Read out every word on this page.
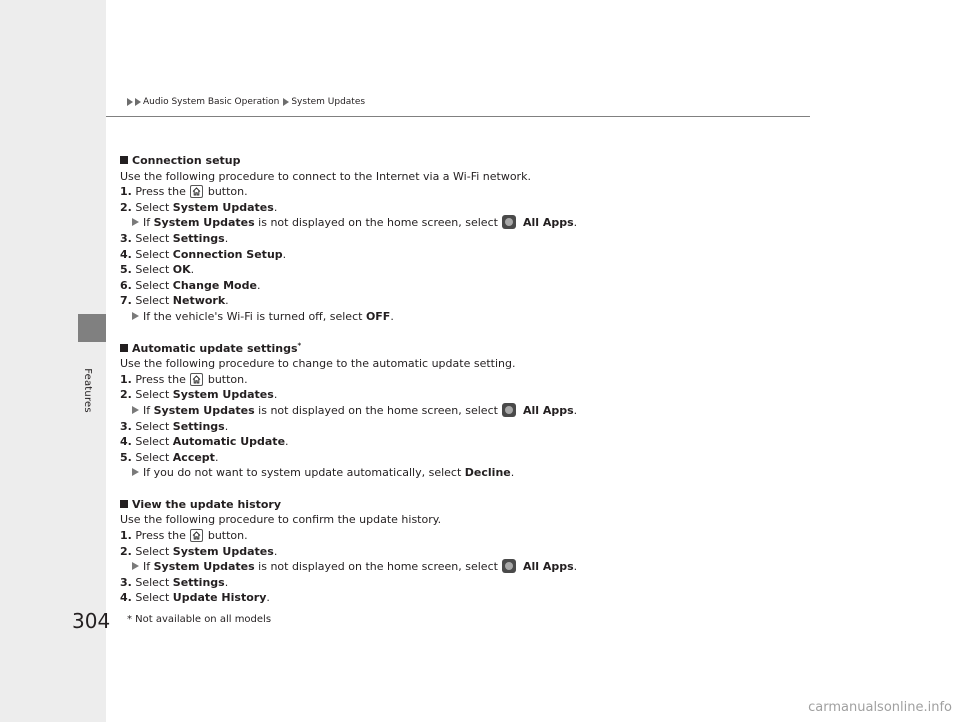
Features
Audio System Basic Operation System Updates
Connection setup
Use the following procedure to connect to the Internet via a Wi-Fi network.
1. Press the button.
2. Select System Updates.
If System Updates is not displayed on the home screen, select All Apps.
3. Select Settings.
4. Select Connection Setup.
5. Select OK.
6. Select Change Mode.
7. Select Network.
If the vehicle's Wi-Fi is turned off, select OFF.
Automatic update settings*
Use the following procedure to change to the automatic update setting.
1. Press the button.
2. Select System Updates.
If System Updates is not displayed on the home screen, select All Apps.
3. Select Settings.
4. Select Automatic Update.
5. Select Accept.
If you do not want to system update automatically, select Decline.
View the update history
Use the following procedure to confirm the update history.
1. Press the button.
2. Select System Updates.
If System Updates is not displayed on the home screen, select All Apps.
3. Select Settings.
4. Select Update History.
304 * Not available on all models
carmanualsonline.info
